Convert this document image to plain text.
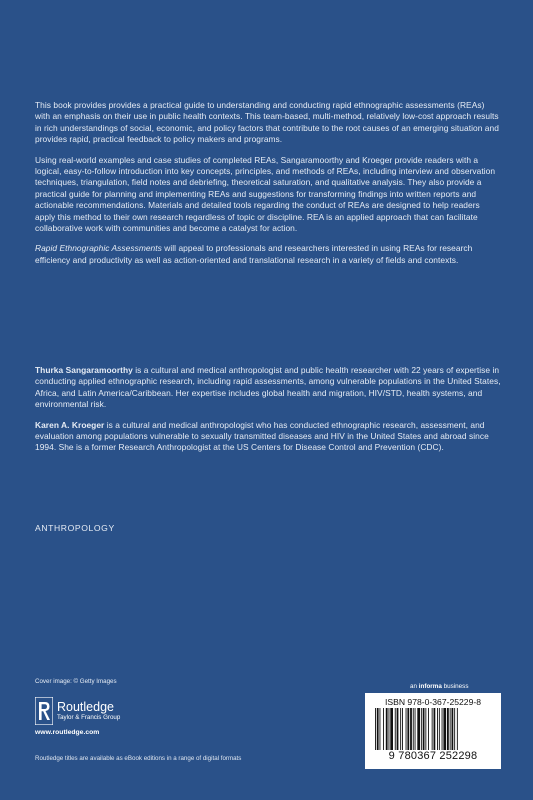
This book provides provides a practical guide to understanding and conducting rapid ethnographic assessments (REAs) with an emphasis on their use in public health contexts. This team-based, multi-method, relatively low-cost approach results in rich understandings of social, economic, and policy factors that contribute to the root causes of an emerging situation and provides rapid, practical feedback to policy makers and programs.

Using real-world examples and case studies of completed REAs, Sangaramoorthy and Kroeger provide readers with a logical, easy-to-follow introduction into key concepts, principles, and methods of REAs, including interview and observation techniques, triangulation, field notes and debriefing, theoretical saturation, and qualitative analysis. They also provide a practical guide for planning and implementing REAs and suggestions for transforming findings into written reports and actionable recommendations. Materials and detailed tools regarding the conduct of REAs are designed to help readers apply this method to their own research regardless of topic or discipline. REA is an applied approach that can facilitate collaborative work with communities and become a catalyst for action.

Rapid Ethnographic Assessments will appeal to professionals and researchers interested in using REAs for research efficiency and productivity as well as action-oriented and translational research in a variety of fields and contexts.

Thurka Sangaramoorthy is a cultural and medical anthropologist and public health researcher with 22 years of expertise in conducting applied ethnographic research, including rapid assessments, among vulnerable populations in the United States, Africa, and Latin America/Caribbean. Her expertise includes global health and migration, HIV/STD, health systems, and environmental risk.

Karen A. Kroeger is a cultural and medical anthropologist who has conducted ethnographic research, assessment, and evaluation among populations vulnerable to sexually transmitted diseases and HIV in the United States and abroad since 1994. She is a former Research Anthropologist at the US Centers for Disease Control and Prevention (CDC).

ANTHROPOLOGY
Cover image: © Getty Images
Routledge
Taylor & Francis Group
www.routledge.com
Routledge titles are available as eBook editions in a range of digital formats
an informa business
ISBN 978-0-367-25229-8
9 780367 252298
